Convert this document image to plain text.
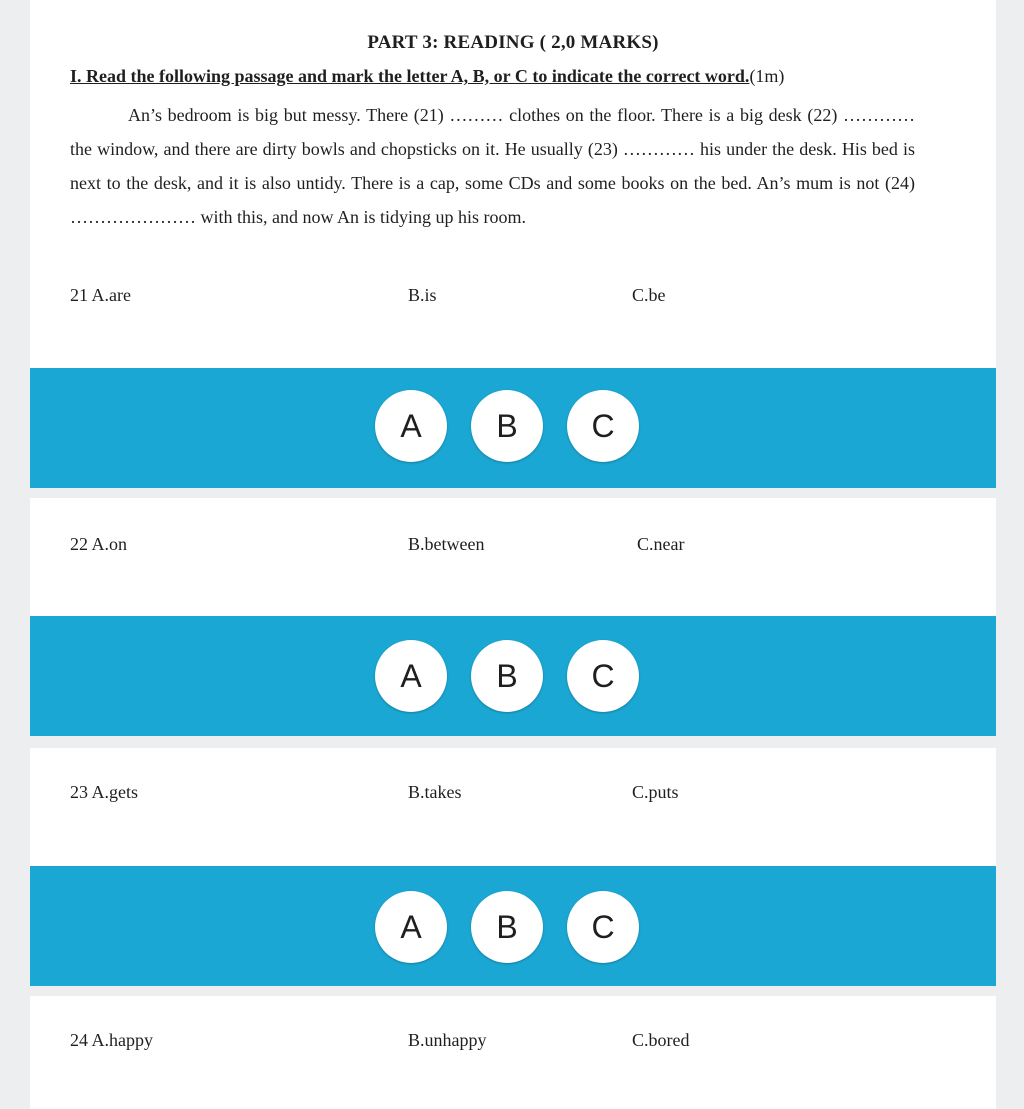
PART 3: READING ( 2,0 MARKS)
I. Read the following passage and mark the letter A, B, or C to indicate the correct word.(1m)
An’s bedroom is big but messy. There (21) ……… clothes on the floor. There is a big desk (22) ………… the window, and there are dirty bowls and chopsticks on it. He usually (23) ………… his under the desk. His bed is next to the desk, and it is also untidy. There is a cap, some CDs and some books on the bed. An’s mum is not (24) ………………… with this, and now An is tidying up his room.
21 A.are	B.is	C.be
A	B	C
22 A.on	B.between	C.near
A	B	C
23 A.gets	B.takes	C.puts
A	B	C
24 A.happy	B.unhappy	C.bored
